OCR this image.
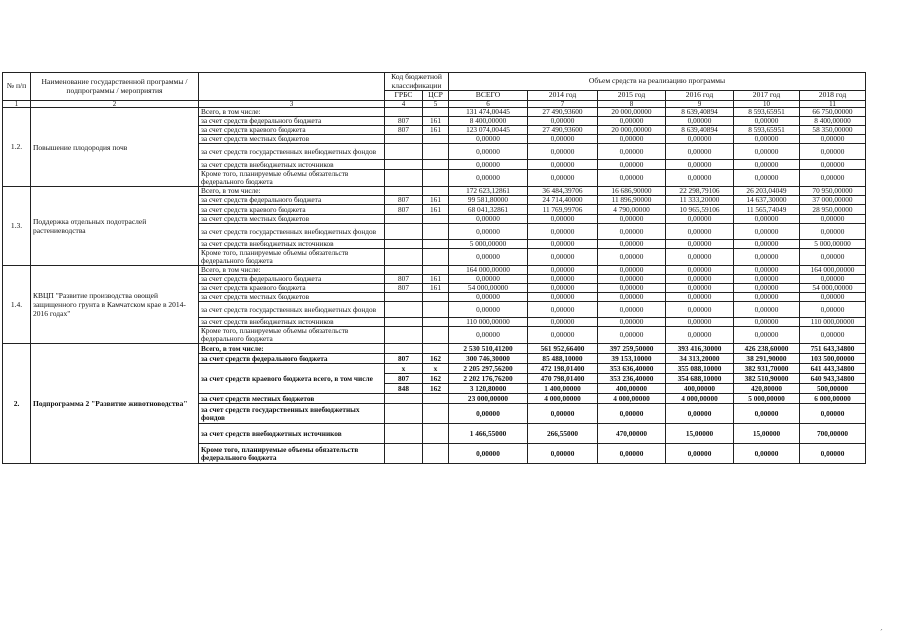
№ п/п	Наименование государственной программы / подпрограммы / мероприятия		Код бюджетной классификации		Объем средств на реализацию программы					
			ГРБС	ЦСР	ВСЕГО	2014 год	2015 год	2016 год	2017 год	2018 год
1	2	3	4	5	6	7	8	9	10	11
1.2.	Повышение плодородия почв	Всего, в том числе:			131 474,00445	27 490,93600	20 000,00000	8 639,40894	8 593,65951	66 750,00000
		за счет средств федерального бюджета	807	161	8 400,00000	0,00000	0,00000	0,00000	0,00000	8 400,00000
		за счет средств краевого бюджета	807	161	123 074,00445	27 490,93600	20 000,00000	8 639,40894	8 593,65951	58 350,00000
		за счет средств местных бюджетов			0,00000	0,00000	0,00000	0,00000	0,00000	0,00000
		за счет средств государственных внебюджетных фондов			0,00000	0,00000	0,00000	0,00000	0,00000	0,00000
		за счет средств внебюджетных источников			0,00000	0,00000	0,00000	0,00000	0,00000	0,00000
		Кроме того, планируемые объемы обязательств федерального бюджета			0,00000	0,00000	0,00000	0,00000	0,00000	0,00000
1.3.	Поддержка отдельных подотраслей растениеводства	Всего, в том числе:			172 623,12861	36 484,39706	16 686,90000	22 298,79106	26 203,04049	70 950,00000
		за счет средств федерального бюджета	807	161	99 581,80000	24 714,40000	11 896,90000	11 333,20000	14 637,30000	37 000,00000
		за счет средств краевого бюджета	807	161	68 041,32861	11 769,99706	4 790,00000	10 965,59106	11 565,74049	28 950,00000
		за счет средств местных бюджетов			0,00000	0,00000	0,00000	0,00000	0,00000	0,00000
		за счет средств государственных внебюджетных фондов			0,00000	0,00000	0,00000	0,00000	0,00000	0,00000
		за счет средств внебюджетных источников			5 000,00000	0,00000	0,00000	0,00000	0,00000	5 000,00000
		Кроме того, планируемые объемы обязательств федерального бюджета			0,00000	0,00000	0,00000	0,00000	0,00000	0,00000
1.4.	КВЦП "Развитие производства овощей защищенного грунта в Камчатском крае в 2014-2016 годах"	Всего, в том числе:			164 000,00000	0,00000	0,00000	0,00000	0,00000	164 000,00000
		за счет средств федерального бюджета	807	161	0,00000	0,00000	0,00000	0,00000	0,00000	0,00000
		за счет средств краевого бюджета	807	161	54 000,00000	0,00000	0,00000	0,00000	0,00000	54 000,00000
		за счет средств местных бюджетов			0,00000	0,00000	0,00000	0,00000	0,00000	0,00000
		за счет средств государственных внебюджетных фондов			0,00000	0,00000	0,00000	0,00000	0,00000	0,00000
		за счет средств внебюджетных источников			110 000,00000	0,00000	0,00000	0,00000	0,00000	110 000,00000
		Кроме того, планируемые объемы обязательств федерального бюджета			0,00000	0,00000	0,00000	0,00000	0,00000	0,00000
2.	Подпрограмма 2 "Развитие животноводства"	Всего, в том числе:			2 530 510,41200	561 952,66400	397 259,50000	393 416,30000	426 238,60000	751 643,34800
		за счет средств федерального бюджета	807	162	300 746,30000	85 488,10000	39 153,10000	34 313,20000	38 291,90000	103 500,00000
		за счет средств краевого бюджета всего, в том числе	x	x	2 205 297,56200	472 198,01400	353 636,40000	355 088,10000	382 931,70000	641 443,34800
			807	162	2 202 176,76200	470 798,01400	353 236,40000	354 688,10000	382 510,90000	640 943,34800
			848	162	3 120,80000	1 400,00000	400,00000	400,00000	420,80000	500,00000
		за счет средств местных бюджетов			23 000,00000	4 000,00000	4 000,00000	4 000,00000	5 000,00000	6 000,00000
		за счет средств государственных внебюджетных фондов			0,00000	0,00000	0,00000	0,00000	0,00000	0,00000
		за счет средств внебюджетных источников			1 466,55000	266,55000	470,00000	15,00000	15,00000	700,00000
		Кроме того, планируемые объемы обязательств федерального бюджета			0,00000	0,00000	0,00000	0,00000	0,00000	0,00000
´
